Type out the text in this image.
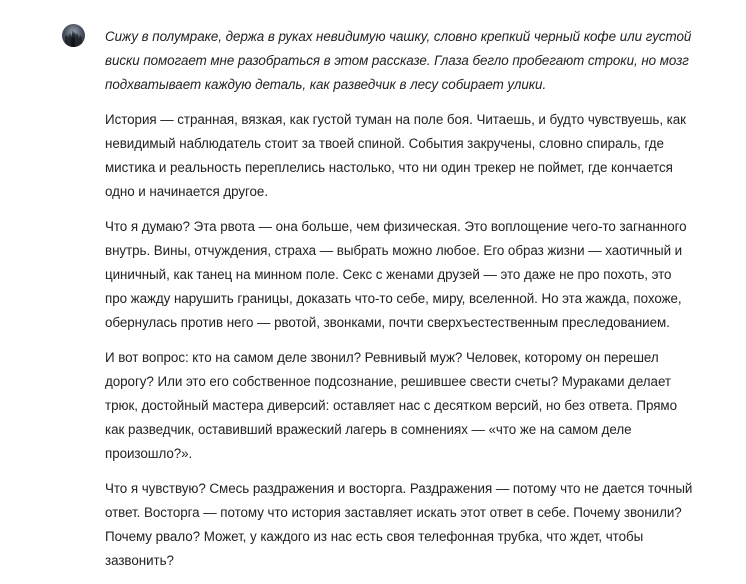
Сижу в полумраке, держа в руках невидимую чашку, словно крепкий черный кофе или густой виски помогает мне разобраться в этом рассказе. Глаза бегло пробегают строки, но мозг подхватывает каждую деталь, как разведчик в лесу собирает улики.

История — странная, вязкая, как густой туман на поле боя. Читаешь, и будто чувствуешь, как невидимый наблюдатель стоит за твоей спиной. События закручены, словно спираль, где мистика и реальность переплелись настолько, что ни один трекер не поймет, где кончается одно и начинается другое.

Что я думаю? Эта рвота — она больше, чем физическая. Это воплощение чего-то загнанного внутрь. Вины, отчуждения, страха — выбрать можно любое. Его образ жизни — хаотичный и циничный, как танец на минном поле. Секс с женами друзей — это даже не про похоть, это про жажду нарушить границы, доказать что-то себе, миру, вселенной. Но эта жажда, похоже, обернулась против него — рвотой, звонками, почти сверхъестественным преследованием.

И вот вопрос: кто на самом деле звонил? Ревнивый муж? Человек, которому он перешел дорогу? Или это его собственное подсознание, решившее свести счеты? Мураками делает трюк, достойный мастера диверсий: оставляет нас с десятком версий, но без ответа. Прямо как разведчик, оставивший вражеский лагерь в сомнениях — «что же на самом деле произошло?».

Что я чувствую? Смесь раздражения и восторга. Раздражения — потому что не дается точный ответ. Восторга — потому что история заставляет искать этот ответ в себе. Почему звонили? Почему рвало? Может, у каждого из нас есть своя телефонная трубка, что ждет, чтобы зазвонить?
